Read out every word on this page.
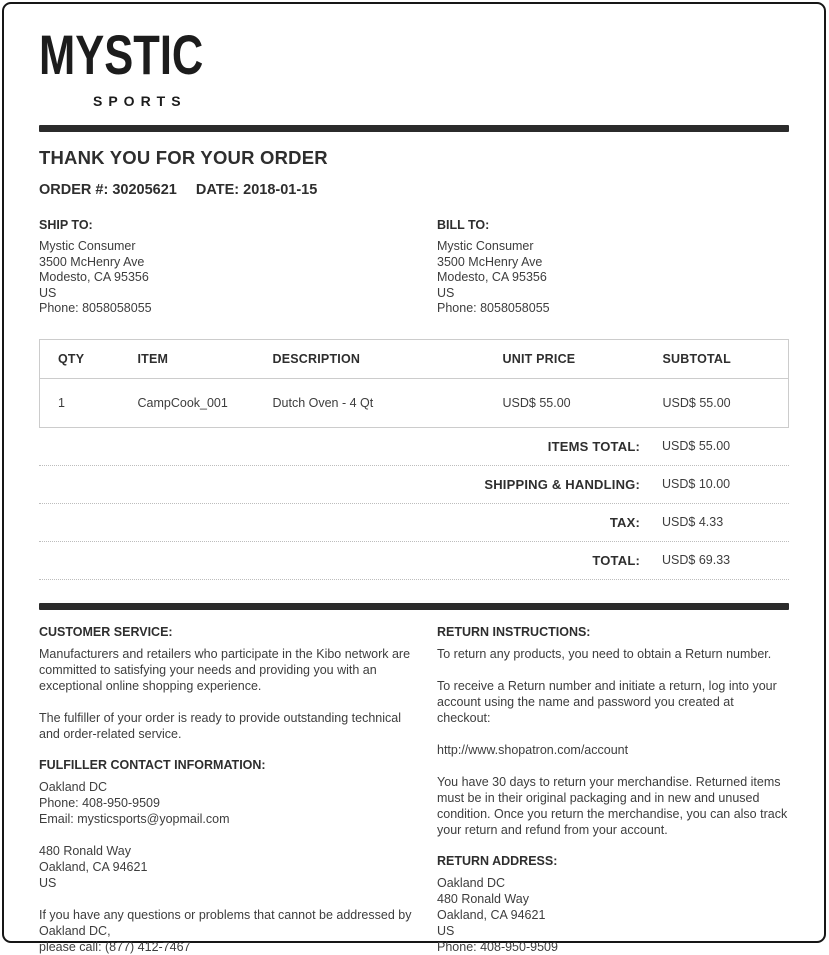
MYSTIC
SPORTS
THANK YOU FOR YOUR ORDER
ORDER #: 30205621 DATE: 2018-01-15
SHIP TO:
Mystic Consumer
3500 McHenry Ave
Modesto, CA 95356
US
Phone: 8058058055
BILL TO:
Mystic Consumer
3500 McHenry Ave
Modesto, CA 95356
US
Phone: 8058058055
QTY	ITEM	DESCRIPTION	UNIT PRICE	SUBTOTAL
1	CampCook_001	Dutch Oven - 4 Qt	USD$ 55.00	USD$ 55.00
ITEMS TOTAL: USD$ 55.00
SHIPPING & HANDLING: USD$ 10.00
TAX: USD$ 4.33
TOTAL: USD$ 69.33
CUSTOMER SERVICE:

Manufacturers and retailers who participate in the Kibo network are committed to satisfying your needs and providing you with an exceptional online shopping experience.

The fulfiller of your order is ready to provide outstanding technical and order-related service.

FULFILLER CONTACT INFORMATION:
Oakland DC
Phone: 408-950-9509
Email: mysticsports@yopmail.com
480 Ronald Way
Oakland, CA 94621
US
If you have any questions or problems that cannot be addressed by
Oakland DC,
please call: (877) 412-7467
RETURN INSTRUCTIONS:

To return any products, you need to obtain a Return number.

To receive a Return number and initiate a return, log into your account using the name and password you created at checkout:

http://www.shopatron.com/account

You have 30 days to return your merchandise. Returned items must be in their original packaging and in new and unused condition. Once you return the merchandise, you can also track your return and refund from your account.

RETURN ADDRESS:
Oakland DC
480 Ronald Way
Oakland, CA 94621
US
Phone: 408-950-9509
